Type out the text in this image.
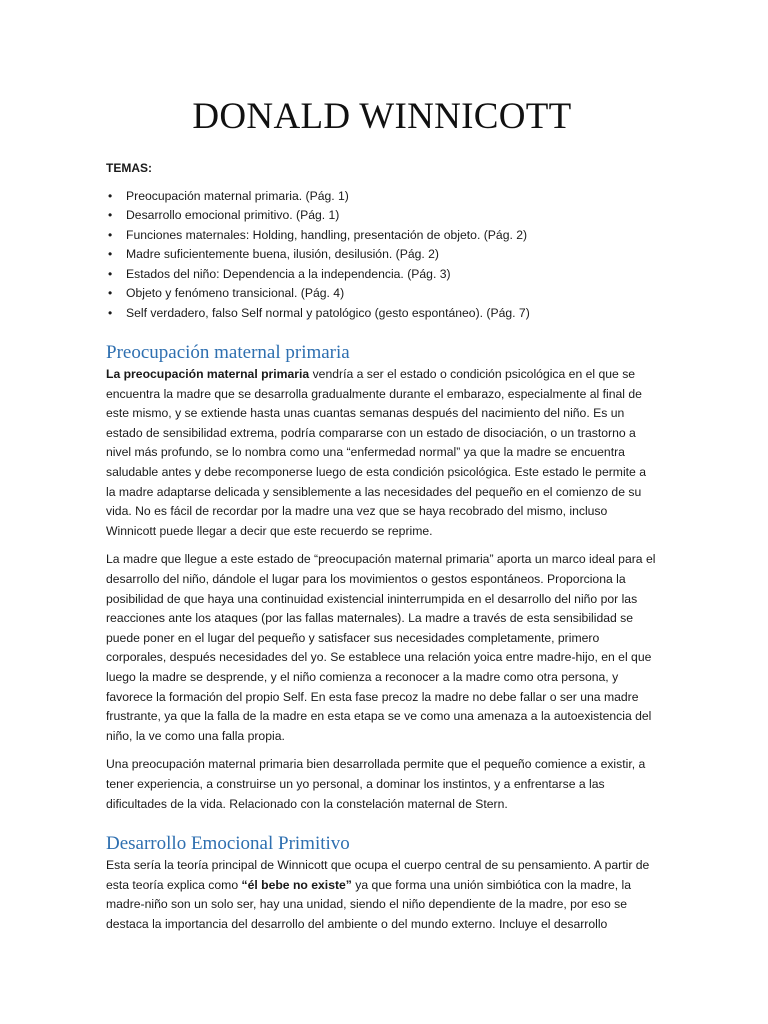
DONALD WINNICOTT
TEMAS:
• Preocupación maternal primaria. (Pág. 1)
• Desarrollo emocional primitivo. (Pág. 1)
• Funciones maternales: Holding, handling, presentación de objeto. (Pág. 2)
• Madre suficientemente buena, ilusión, desilusión. (Pág. 2)
• Estados del niño: Dependencia a la independencia. (Pág. 3)
• Objeto y fenómeno transicional. (Pág. 4)
• Self verdadero, falso Self normal y patológico (gesto espontáneo). (Pág. 7)
Preocupación maternal primaria

La preocupación maternal primaria vendría a ser el estado o condición psicológica en el que se encuentra la madre que se desarrolla gradualmente durante el embarazo, especialmente al final de este mismo, y se extiende hasta unas cuantas semanas después del nacimiento del niño. Es un estado de sensibilidad extrema, podría compararse con un estado de disociación, o un trastorno a nivel más profundo, se lo nombra como una “enfermedad normal” ya que la madre se encuentra saludable antes y debe recomponerse luego de esta condición psicológica. Este estado le permite a la madre adaptarse delicada y sensiblemente a las necesidades del pequeño en el comienzo de su vida. No es fácil de recordar por la madre una vez que se haya recobrado del mismo, incluso Winnicott puede llegar a decir que este recuerdo se reprime.

La madre que llegue a este estado de “preocupación maternal primaria” aporta un marco ideal para el desarrollo del niño, dándole el lugar para los movimientos o gestos espontáneos. Proporciona la posibilidad de que haya una continuidad existencial ininterrumpida en el desarrollo del niño por las reacciones ante los ataques (por las fallas maternales). La madre a través de esta sensibilidad se puede poner en el lugar del pequeño y satisfacer sus necesidades completamente, primero corporales, después necesidades del yo. Se establece una relación yoica entre madre-hijo, en el que luego la madre se desprende, y el niño comienza a reconocer a la madre como otra persona, y favorece la formación del propio Self. En esta fase precoz la madre no debe fallar o ser una madre frustrante, ya que la falla de la madre en esta etapa se ve como una amenaza a la autoexistencia del niño, la ve como una falla propia.

Una preocupación maternal primaria bien desarrollada permite que el pequeño comience a existir, a tener experiencia, a construirse un yo personal, a dominar los instintos, y a enfrentarse a las dificultades de la vida. Relacionado con la constelación maternal de Stern.

Desarrollo Emocional Primitivo

Esta sería la teoría principal de Winnicott que ocupa el cuerpo central de su pensamiento. A partir de esta teoría explica como “él bebe no existe” ya que forma una unión simbiótica con la madre, la madre-niño son un solo ser, hay una unidad, siendo el niño dependiente de la madre, por eso se destaca la importancia del desarrollo del ambiente o del mundo externo. Incluye el desarrollo
